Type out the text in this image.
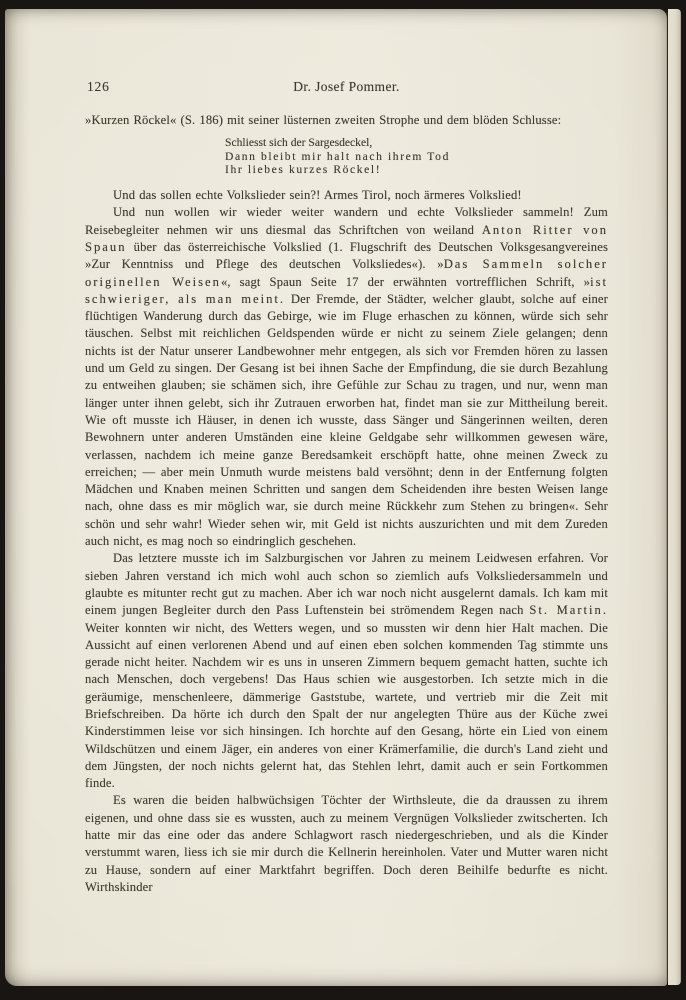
126	Dr. Josef Pommer.

»Kurzen Röckel« (S. 186) mit seiner lüsternen zweiten Strophe und dem blöden Schlusse:

Schliesst sich der Sargesdeckel,
Dann bleibt mir halt nach ihrem Tod
Ihr liebes kurzes Röckel!

Und das sollen echte Volkslieder sein?! Armes Tirol, noch ärmeres Volkslied!

Und nun wollen wir wieder weiter wandern und echte Volkslieder sammeln! Zum Reisebegleiter nehmen wir uns diesmal das Schriftchen von weiland Anton Ritter von Spaun über das österreichische Volkslied (1. Flugschrift des Deutschen Volksgesangvereines »Zur Kenntniss und Pflege des deutschen Volksliedes«). »Das Sammeln solcher originellen Weisen«, sagt Spaun Seite 17 der erwähnten vortrefflichen Schrift, »ist schwieriger, als man meint. Der Fremde, der Städter, welcher glaubt, solche auf einer flüchtigen Wanderung durch das Gebirge, wie im Fluge erhaschen zu können, würde sich sehr täuschen. Selbst mit reichlichen Geldspenden würde er nicht zu seinem Ziele gelangen; denn nichts ist der Natur unserer Landbewohner mehr entgegen, als sich vor Fremden hören zu lassen und um Geld zu singen. Der Gesang ist bei ihnen Sache der Empfindung, die sie durch Bezahlung zu entweihen glauben; sie schämen sich, ihre Gefühle zur Schau zu tragen, und nur, wenn man länger unter ihnen gelebt, sich ihr Zutrauen erworben hat, findet man sie zur Mittheilung bereit. Wie oft musste ich Häuser, in denen ich wusste, dass Sänger und Sängerinnen weilten, deren Bewohnern unter anderen Umständen eine kleine Geldgabe sehr willkommen gewesen wäre, verlassen, nachdem ich meine ganze Beredsamkeit erschöpft hatte, ohne meinen Zweck zu erreichen; — aber mein Unmuth wurde meistens bald versöhnt; denn in der Entfernung folgten Mädchen und Knaben meinen Schritten und sangen dem Scheidenden ihre besten Weisen lange nach, ohne dass es mir möglich war, sie durch meine Rückkehr zum Stehen zu bringen«. Sehr schön und sehr wahr! Wieder sehen wir, mit Geld ist nichts auszurichten und mit dem Zureden auch nicht, es mag noch so eindringlich geschehen.

Das letztere musste ich im Salzburgischen vor Jahren zu meinem Leidwesen erfahren. Vor sieben Jahren verstand ich mich wohl auch schon so ziemlich aufs Volksliedersammeln und glaubte es mitunter recht gut zu machen. Aber ich war noch nicht ausgelernt damals. Ich kam mit einem jungen Begleiter durch den Pass Luftenstein bei strömendem Regen nach St. Martin. Weiter konnten wir nicht, des Wetters wegen, und so mussten wir denn hier Halt machen. Die Aussicht auf einen verlorenen Abend und auf einen eben solchen kommenden Tag stimmte uns gerade nicht heiter. Nachdem wir es uns in unseren Zimmern bequem gemacht hatten, suchte ich nach Menschen, doch vergebens! Das Haus schien wie ausgestorben. Ich setzte mich in die geräumige, menschenleere, dämmerige Gaststube, wartete, und vertrieb mir die Zeit mit Briefschreiben. Da hörte ich durch den Spalt der nur angelegten Thüre aus der Küche zwei Kinderstimmen leise vor sich hinsingen. Ich horchte auf den Gesang, hörte ein Lied von einem Wildschützen und einem Jäger, ein anderes von einer Krämerfamilie, die durch's Land zieht und dem Jüngsten, der noch nichts gelernt hat, das Stehlen lehrt, damit auch er sein Fortkommen finde.

Es waren die beiden halbwüchsigen Töchter der Wirthsleute, die da draussen zu ihrem eigenen, und ohne dass sie es wussten, auch zu meinem Vergnügen Volkslieder zwitscherten. Ich hatte mir das eine oder das andere Schlagwort rasch niedergeschrieben, und als die Kinder verstummt waren, liess ich sie mir durch die Kellnerin hereinholen. Vater und Mutter waren nicht zu Hause, sondern auf einer Marktfahrt begriffen. Doch deren Beihilfe bedurfte es nicht. Wirthskinder
